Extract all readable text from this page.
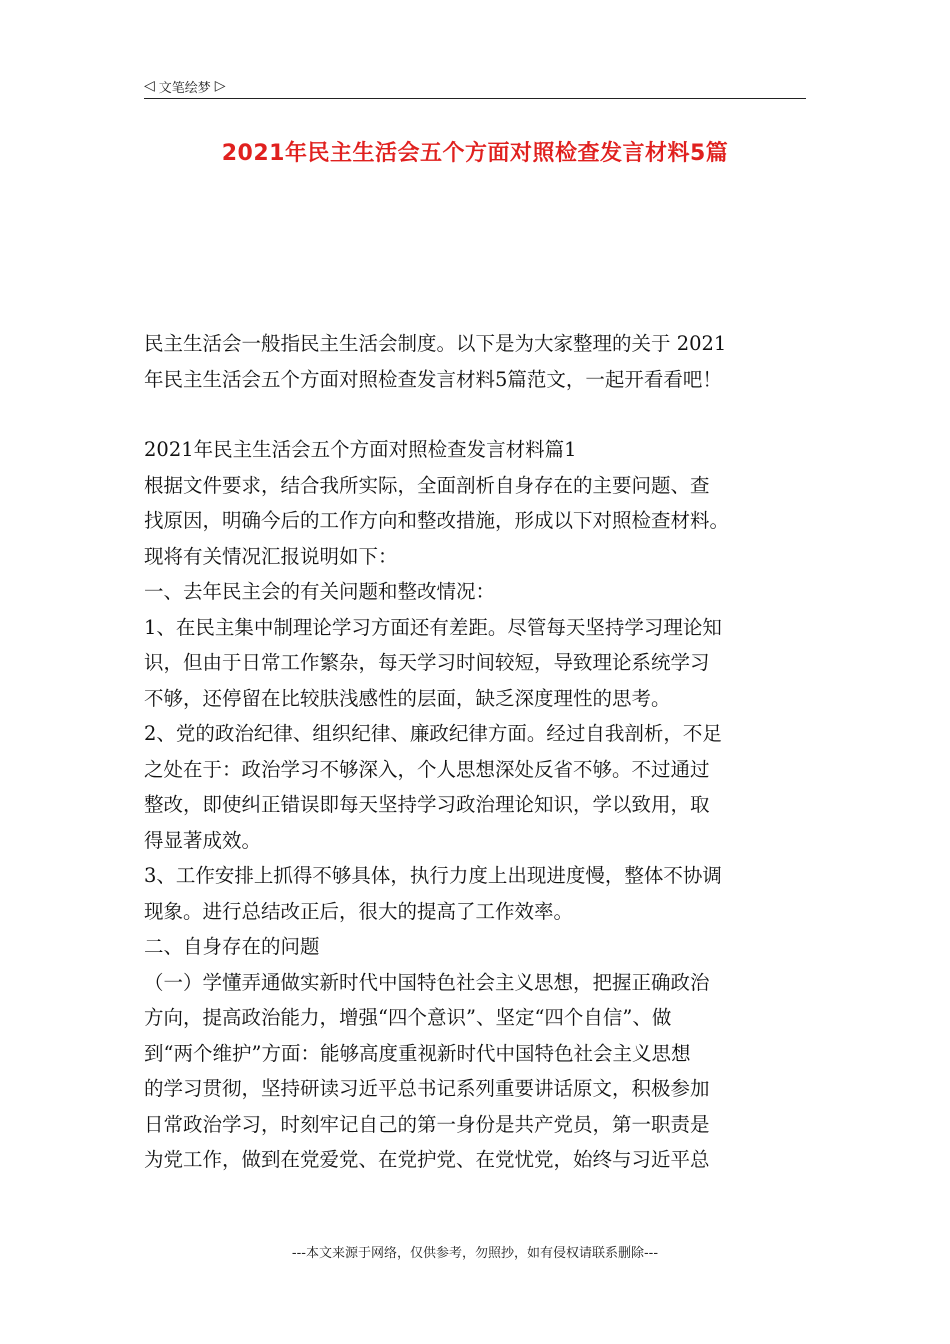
◁ 文笔绘梦 ▷
2021年民主生活会五个方面对照检查发言材料5篇

民主生活会一般指民主生活会制度。以下是为大家整理的关于 2021

年民主生活会五个方面对照检查发言材料5篇范文，一起开看看吧！

2021年民主生活会五个方面对照检查发言材料篇1

根据文件要求，结合我所实际，全面剖析自身存在的主要问题、查

找原因，明确今后的工作方向和整改措施，形成以下对照检查材料。

现将有关情况汇报说明如下：

一、去年民主会的有关问题和整改情况：

1、在民主集中制理论学习方面还有差距。尽管每天坚持学习理论知

识，但由于日常工作繁杂，每天学习时间较短，导致理论系统学习

不够，还停留在比较肤浅感性的层面，缺乏深度理性的思考。

2、党的政治纪律、组织纪律、廉政纪律方面。经过自我剖析，不足

之处在于：政治学习不够深入，个人思想深处反省不够。不过通过

整改，即使纠正错误即每天坚持学习政治理论知识，学以致用，取

得显著成效。

3、工作安排上抓得不够具体，执行力度上出现进度慢，整体不协调

现象。进行总结改正后，很大的提高了工作效率。

二、自身存在的问题

（一）学懂弄通做实新时代中国特色社会主义思想，把握正确政治

方向，提高政治能力，增强“四个意识”、坚定“四个自信”、做

到“两个维护”方面：能够高度重视新时代中国特色社会主义思想

的学习贯彻，坚持研读习近平总书记系列重要讲话原文，积极参加

日常政治学习，时刻牢记自己的第一身份是共产党员，第一职责是

为党工作，做到在党爱党、在党护党、在党忧党，始终与习近平总

---本文来源于网络，仅供参考，勿照抄，如有侵权请联系删除---
